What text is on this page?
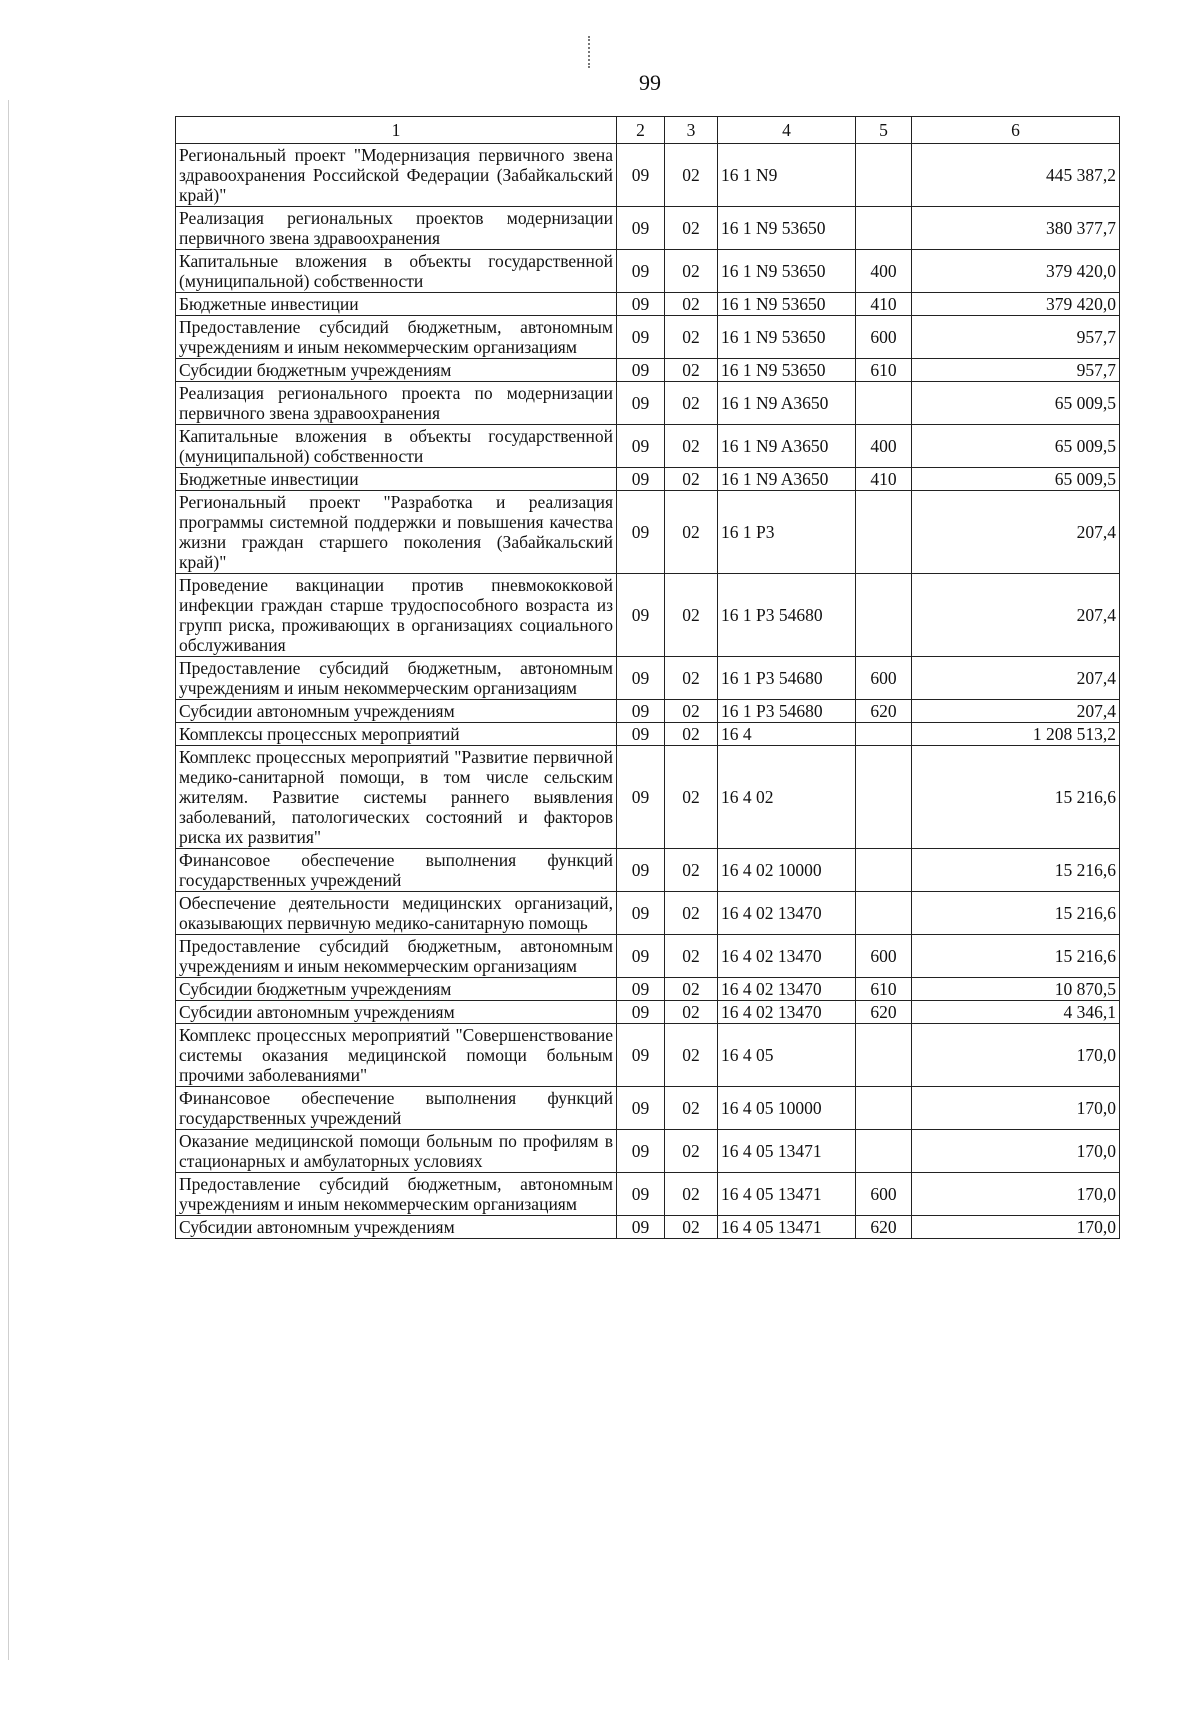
99
1	2	3	4	5	6
Региональный проект "Модернизация первичного звена здравоохранения Российской Федерации (Забайкальский край)"	09	02	16 1 N9		445 387,2
Реализация региональных проектов модернизации первичного звена здравоохранения	09	02	16 1 N9 53650		380 377,7
Капитальные вложения в объекты государственной (муниципальной) собственности	09	02	16 1 N9 53650	400	379 420,0
Бюджетные инвестиции	09	02	16 1 N9 53650	410	379 420,0
Предоставление субсидий бюджетным, автономным учреждениям и иным некоммерческим организациям	09	02	16 1 N9 53650	600	957,7
Субсидии бюджетным учреждениям	09	02	16 1 N9 53650	610	957,7
Реализация регионального проекта по модернизации первичного звена здравоохранения	09	02	16 1 N9 A3650		65 009,5
Капитальные вложения в объекты государственной (муниципальной) собственности	09	02	16 1 N9 A3650	400	65 009,5
Бюджетные инвестиции	09	02	16 1 N9 A3650	410	65 009,5
Региональный проект "Разработка и реализация программы системной поддержки и повышения качества жизни граждан старшего поколения (Забайкальский край)"	09	02	16 1 P3		207,4
Проведение вакцинации против пневмококковой инфекции граждан старше трудоспособного возраста из групп риска, проживающих в организациях социального обслуживания	09	02	16 1 P3 54680		207,4
Предоставление субсидий бюджетным, автономным учреждениям и иным некоммерческим организациям	09	02	16 1 P3 54680	600	207,4
Субсидии автономным учреждениям	09	02	16 1 P3 54680	620	207,4
Комплексы процессных мероприятий	09	02	16 4		1 208 513,2
Комплекс процессных мероприятий "Развитие первичной медико-санитарной помощи, в том числе сельским жителям. Развитие системы раннего выявления заболеваний, патологических состояний и факторов риска их развития"	09	02	16 4 02		15 216,6
Финансовое обеспечение выполнения функций государственных учреждений	09	02	16 4 02 10000		15 216,6
Обеспечение деятельности медицинских организаций, оказывающих первичную медико-санитарную помощь	09	02	16 4 02 13470		15 216,6
Предоставление субсидий бюджетным, автономным учреждениям и иным некоммерческим организациям	09	02	16 4 02 13470	600	15 216,6
Субсидии бюджетным учреждениям	09	02	16 4 02 13470	610	10 870,5
Субсидии автономным учреждениям	09	02	16 4 02 13470	620	4 346,1
Комплекс процессных мероприятий "Совершенствование системы оказания медицинской помощи больным прочими заболеваниями"	09	02	16 4 05		170,0
Финансовое обеспечение выполнения функций государственных учреждений	09	02	16 4 05 10000		170,0
Оказание медицинской помощи больным по профилям в стационарных и амбулаторных условиях	09	02	16 4 05 13471		170,0
Предоставление субсидий бюджетным, автономным учреждениям и иным некоммерческим организациям	09	02	16 4 05 13471	600	170,0
Субсидии автономным учреждениям	09	02	16 4 05 13471	620	170,0
